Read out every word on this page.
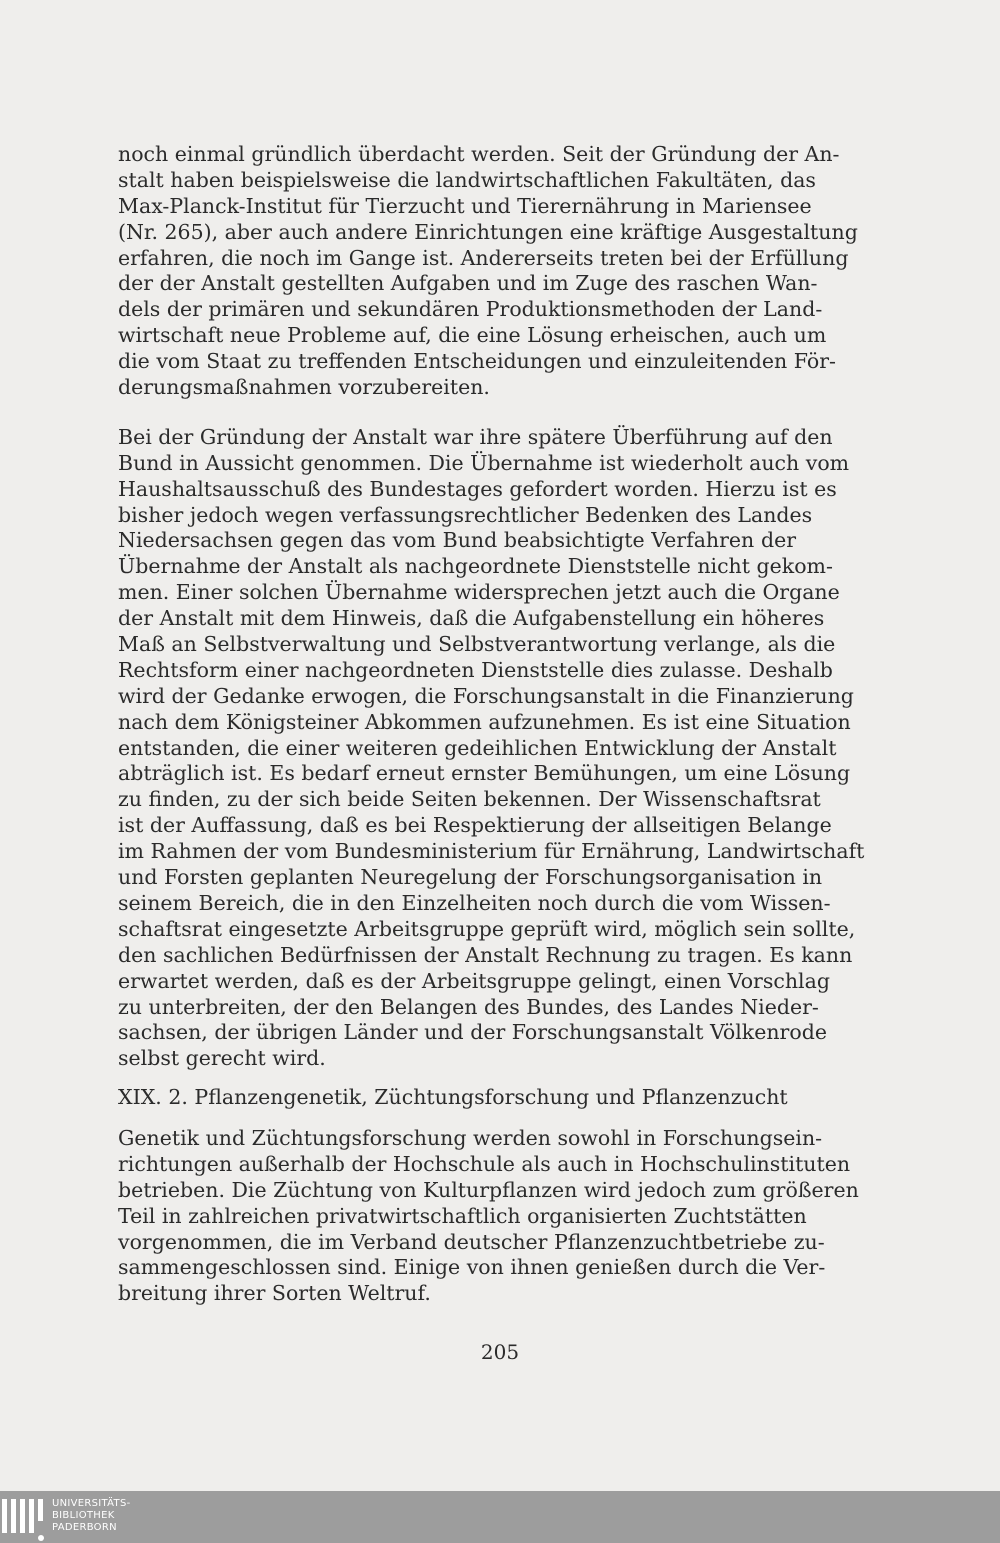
noch einmal gründlich überdacht werden. Seit der Gründung der An-
stalt haben beispielsweise die landwirtschaftlichen Fakultäten, das
Max-Planck-Institut für Tierzucht und Tierernährung in Mariensee
(Nr. 265), aber auch andere Einrichtungen eine kräftige Ausgestaltung
erfahren, die noch im Gange ist. Andererseits treten bei der Erfüllung
der der Anstalt gestellten Aufgaben und im Zuge des raschen Wan-
dels der primären und sekundären Produktionsmethoden der Land-
wirtschaft neue Probleme auf, die eine Lösung erheischen, auch um
die vom Staat zu treffenden Entscheidungen und einzuleitenden För-
derungsmaßnahmen vorzubereiten.
Bei der Gründung der Anstalt war ihre spätere Überführung auf den
Bund in Aussicht genommen. Die Übernahme ist wiederholt auch vom
Haushaltsausschuß des Bundestages gefordert worden. Hierzu ist es
bisher jedoch wegen verfassungsrechtlicher Bedenken des Landes
Niedersachsen gegen das vom Bund beabsichtigte Verfahren der
Übernahme der Anstalt als nachgeordnete Dienststelle nicht gekom-
men. Einer solchen Übernahme widersprechen jetzt auch die Organe
der Anstalt mit dem Hinweis, daß die Aufgabenstellung ein höheres
Maß an Selbstverwaltung und Selbstverantwortung verlange, als die
Rechtsform einer nachgeordneten Dienststelle dies zulasse. Deshalb
wird der Gedanke erwogen, die Forschungsanstalt in die Finanzierung
nach dem Königsteiner Abkommen aufzunehmen. Es ist eine Situation
entstanden, die einer weiteren gedeihlichen Entwicklung der Anstalt
abträglich ist. Es bedarf erneut ernster Bemühungen, um eine Lösung
zu finden, zu der sich beide Seiten bekennen. Der Wissenschaftsrat
ist der Auffassung, daß es bei Respektierung der allseitigen Belange
im Rahmen der vom Bundesministerium für Ernährung, Landwirtschaft
und Forsten geplanten Neuregelung der Forschungsorganisation in
seinem Bereich, die in den Einzelheiten noch durch die vom Wissen-
schaftsrat eingesetzte Arbeitsgruppe geprüft wird, möglich sein sollte,
den sachlichen Bedürfnissen der Anstalt Rechnung zu tragen. Es kann
erwartet werden, daß es der Arbeitsgruppe gelingt, einen Vorschlag
zu unterbreiten, der den Belangen des Bundes, des Landes Nieder-
sachsen, der übrigen Länder und der Forschungsanstalt Völkenrode
selbst gerecht wird.
XIX. 2. Pflanzengenetik, Züchtungsforschung und Pflanzenzucht
Genetik und Züchtungsforschung werden sowohl in Forschungsein-
richtungen außerhalb der Hochschule als auch in Hochschulinstituten
betrieben. Die Züchtung von Kulturpflanzen wird jedoch zum größeren
Teil in zahlreichen privatwirtschaftlich organisierten Zuchtstätten
vorgenommen, die im Verband deutscher Pflanzenzuchtbetriebe zu-
sammengeschlossen sind. Einige von ihnen genießen durch die Ver-
breitung ihrer Sorten Weltruf.
205
UNIVERSITÄTS-
BIBLIOTHEK
PADERBORN
